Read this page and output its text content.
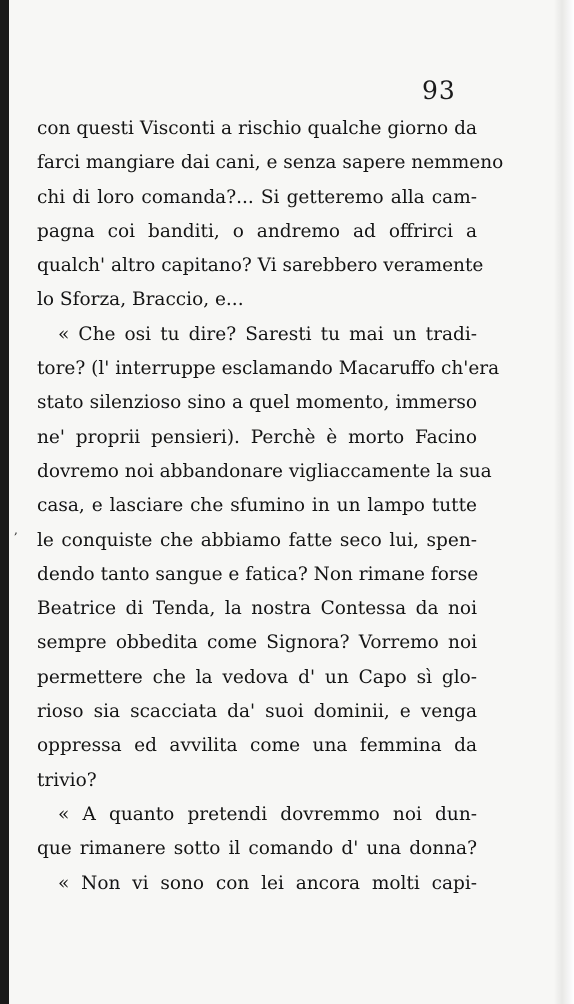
93
,
con questi Visconti a rischio qualche giorno da
farci mangiare dai cani, e senza sapere nemmeno
chi di loro comanda?... Si getteremo alla cam-
pagna coi banditi, o andremo ad offrirci a
qualch' altro capitano? Vi sarebbero veramente
lo Sforza, Braccio, e...
« Che osi tu dire? Saresti tu mai un tradi-
tore? (l' interruppe esclamando Macaruffo ch'era
stato silenzioso sino a quel momento, immerso
ne' proprii pensieri). Perchè è morto Facino
dovremo noi abbandonare vigliaccamente la sua
casa, e lasciare che sfumino in un lampo tutte
le conquiste che abbiamo fatte seco lui, spen-
dendo tanto sangue e fatica? Non rimane forse
Beatrice di Tenda, la nostra Contessa da noi
sempre obbedita come Signora? Vorremo noi
permettere che la vedova d' un Capo sì glo-
rioso sia scacciata da' suoi dominii, e venga
oppressa ed avvilita come una femmina da
trivio?
« A quanto pretendi dovremmo noi dun-
que rimanere sotto il comando d' una donna?
« Non vi sono con lei ancora molti capi-
